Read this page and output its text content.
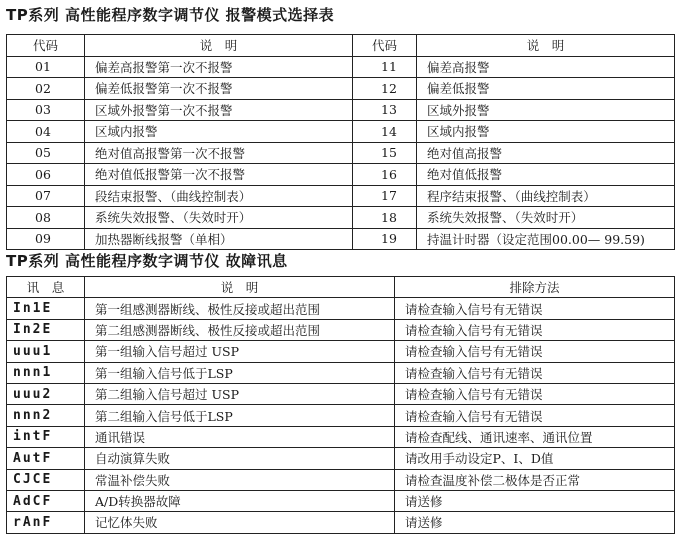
TP系列 高性能程序数字调节仪 报警模式选择表
代码	说　明	代码	说　明
01	偏差高报警第一次不报警	11	偏差高报警
02	偏差低报警第一次不报警	12	偏差低报警
03	区域外报警第一次不报警	13	区域外报警
04	区域内报警	14	区域内报警
05	绝对值高报警第一次不报警	15	绝对值高报警
06	绝对值低报警第一次不报警	16	绝对值低报警
07	段结束报警、（曲线控制表）	17	程序结束报警、（曲线控制表）
08	系统失效报警、（失效时开）	18	系统失效报警、（失效时开）
09	加热器断线报警（单相）	19	持温计时器（设定范围00.00— 99.59)
TP系列 高性能程序数字调节仪 故障讯息
讯　息	说　明	排除方法
In1E	第一组感测器断线、极性反接或超出范围	请检查输入信号有无错误
In2E	第二组感测器断线、极性反接或超出范围	请检查输入信号有无错误
uuu1	第一组输入信号超过 USP	请检查输入信号有无错误
nnn1	第一组输入信号低于LSP	请检查输入信号有无错误
uuu2	第二组输入信号超过 USP	请检查输入信号有无错误
nnn2	第二组输入信号低于LSP	请检查输入信号有无错误
intF	通讯错误	请检查配线、通讯速率、通讯位置
AutF	自动演算失败	请改用手动设定P、I、D值
CJCE	常温补偿失败	请检查温度补偿二极体是否正常
AdCF	A/D转换器故障	请送修
rAnF	记忆体失败	请送修
